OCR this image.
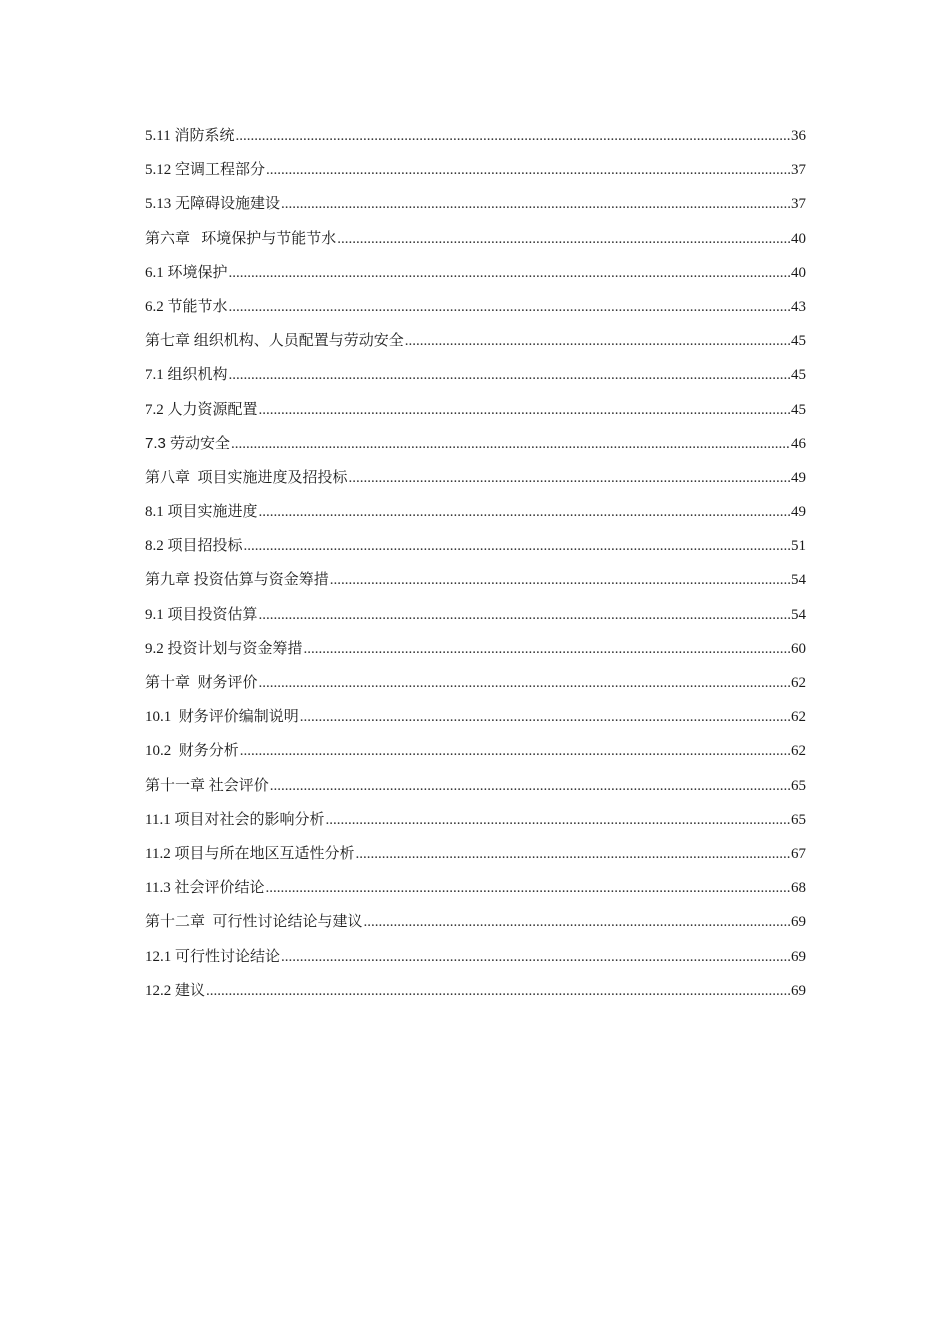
5.11 消防系统 .....	36
5.12 空调工程部分 .....	37
5.13 无障碍设施建设 .....	37
第六章   环境保护与节能节水 .....	40
6.1 环境保护 .....	40
6.2 节能节水 .....	43
第七章 组织机构、人员配置与劳动安全 .....	45
7.1 组织机构 .....	45
7.2 人力资源配置 .....	45
7.3 劳动安全 .....	46
第八章  项目实施进度及招投标 .....	49
8.1 项目实施进度 .....	49
8.2 项目招投标 .....	51
第九章 投资估算与资金筹措 .....	54
9.1 项目投资估算 .....	54
9.2 投资计划与资金筹措 .....	60
第十章  财务评价 .....	62
10.1  财务评价编制说明 .....	62
10.2  财务分析 .....	62
第十一章 社会评价 .....	65
11.1 项目对社会的影响分析 .....	65
11.2 项目与所在地区互适性分析 .....	67
11.3 社会评价结论 .....	68
第十二章  可行性讨论结论与建议 .....	69
12.1 可行性讨论结论 .....	69
12.2 建议 .....	69
